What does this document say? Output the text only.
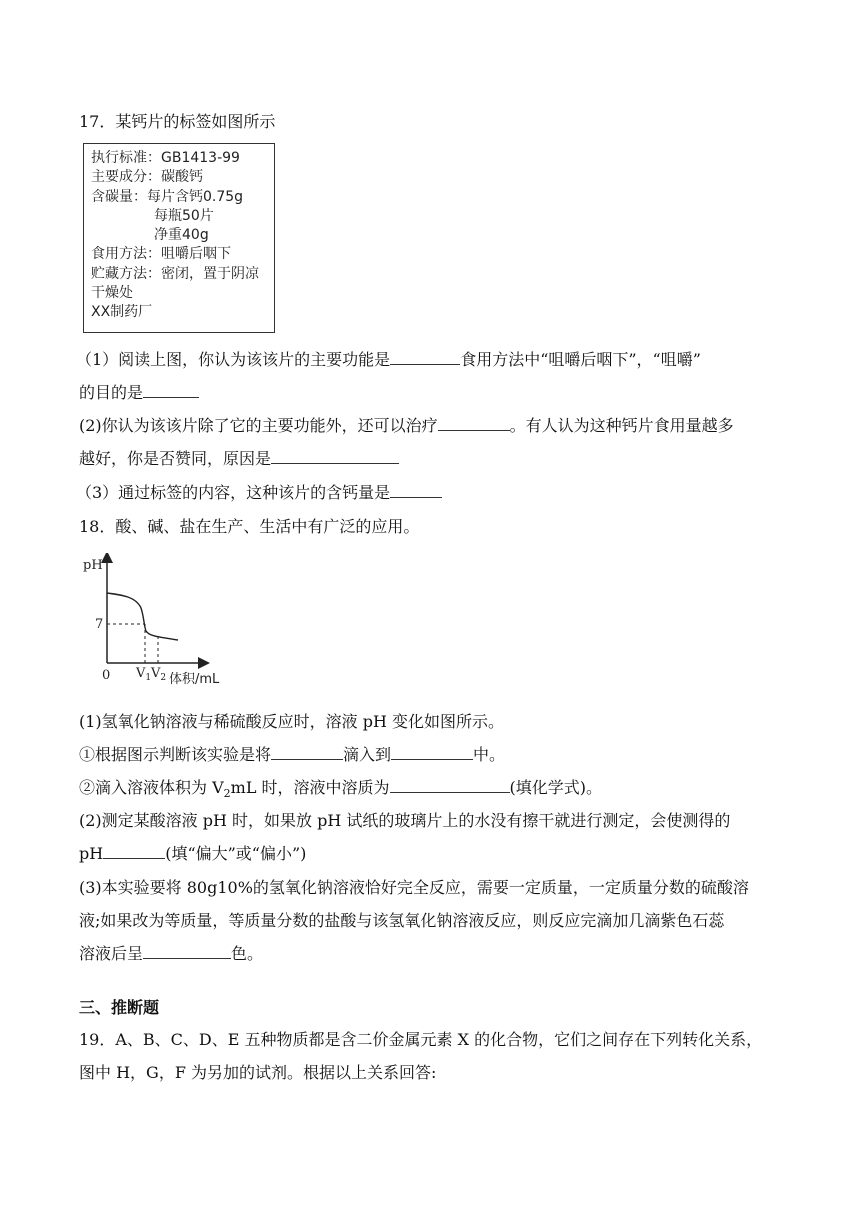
17．某钙片的标签如图所示
执行标准：GB1413-99
主要成分：碳酸钙
含碳量：每片含钙0.75g
每瓶50片
净重40g
食用方法：咀嚼后咽下
贮藏方法：密闭，置于阴凉
干燥处
XX制药厂
（1）阅读上图，你认为该该片的主要功能是	食用方法中“咀嚼后咽下”，“咀嚼”
的目的是
(2)你认为该该片除了它的主要功能外，还可以治疗	。有人认为这种钙片食用量越多
越好，你是否赞同，原因是
（3）通过标签的内容，这种该片的含钙量是
18．酸、碱、盐在生产、生活中有广泛的应用。
pH
7
0 $V_1$ $V_2$ 体积/mL
(1)氢氧化钠溶液与稀硫酸反应时，溶液 pH 变化如图所示。
①根据图示判断该实验是将	滴入到	中。
②滴入溶液体积为 $V_2mL$ 时，溶液中溶质为	(填化学式)。
(2)测定某酸溶液 pH 时，如果放 pH 试纸的玻璃片上的水没有擦干就进行测定，会使测得的
pH	(填“偏大”或“偏小”)
(3)本实验要将 80g10%的氢氧化钠溶液恰好完全反应，需要一定质量，一定质量分数的硫酸溶
液;如果改为等质量，等质量分数的盐酸与该氢氧化钠溶液反应，则反应完滴加几滴紫色石蕊
溶液后呈	色。
三、推断题
19．A、B、C、D、E 五种物质都是含二价金属元素 X 的化合物，它们之间存在下列转化关系，
图中 H，G，F 为另加的试剂。根据以上关系回答:
